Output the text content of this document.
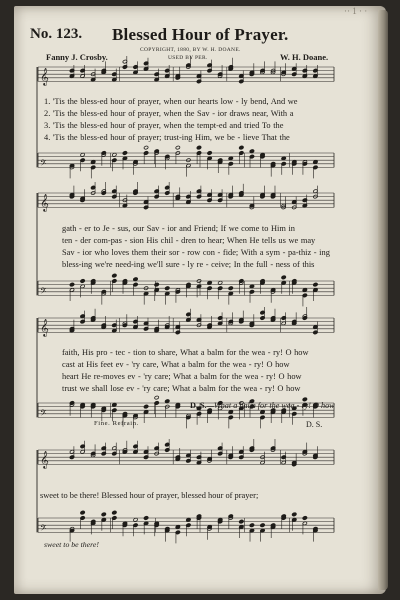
𝄞
𝄢
𝄞
𝄢
𝄞
𝄢
𝄞
𝄢
·· 1 · ·
No. 123. Blessed Hour of Prayer.
COPYRIGHT, 1880, BY W. H. DOANE.
USED BY PER.
Fanny J. Crosby.	W. H. Doane.
1. 'Tis the bless-ed hour of prayer, when our hearts low - ly bend, And we
2. 'Tis the bless-ed hour of prayer, when the Sav - ior draws near, With a
3. 'Tis the bless-ed hour of prayer, when the tempt-ed and tried To the
4. 'Tis the bless-ed hour of prayer; trust-ing Him, we be - lieve That the
gath - er to Je - sus, our Sav - ior and Friend; If we come to Him in
ten - der com-pas - sion His chil - dren to hear; When He tells us we may
Sav - ior who loves them their sor - row con - fide; With a sym - pa-thiz - ing
bless-ing we're need-ing we'll sure - ly re - ceive; In the full - ness of this
faith, His pro - tec - tion to share, What a balm for the wea - ry! O how
cast at His feet ev - 'ry care, What a balm for the wea - ry! O how
heart He re-moves ev - 'ry care; What a balm for the wea - ry! O how
trust we shall lose ev - 'ry care; What a balm for the wea - ry! O how
D. S.—What a balm for the wea - ry! O how
Fine. Refrain.	D. S.
sweet to be there! Blessed hour of prayer, blessed hour of prayer;
sweet to be there!
